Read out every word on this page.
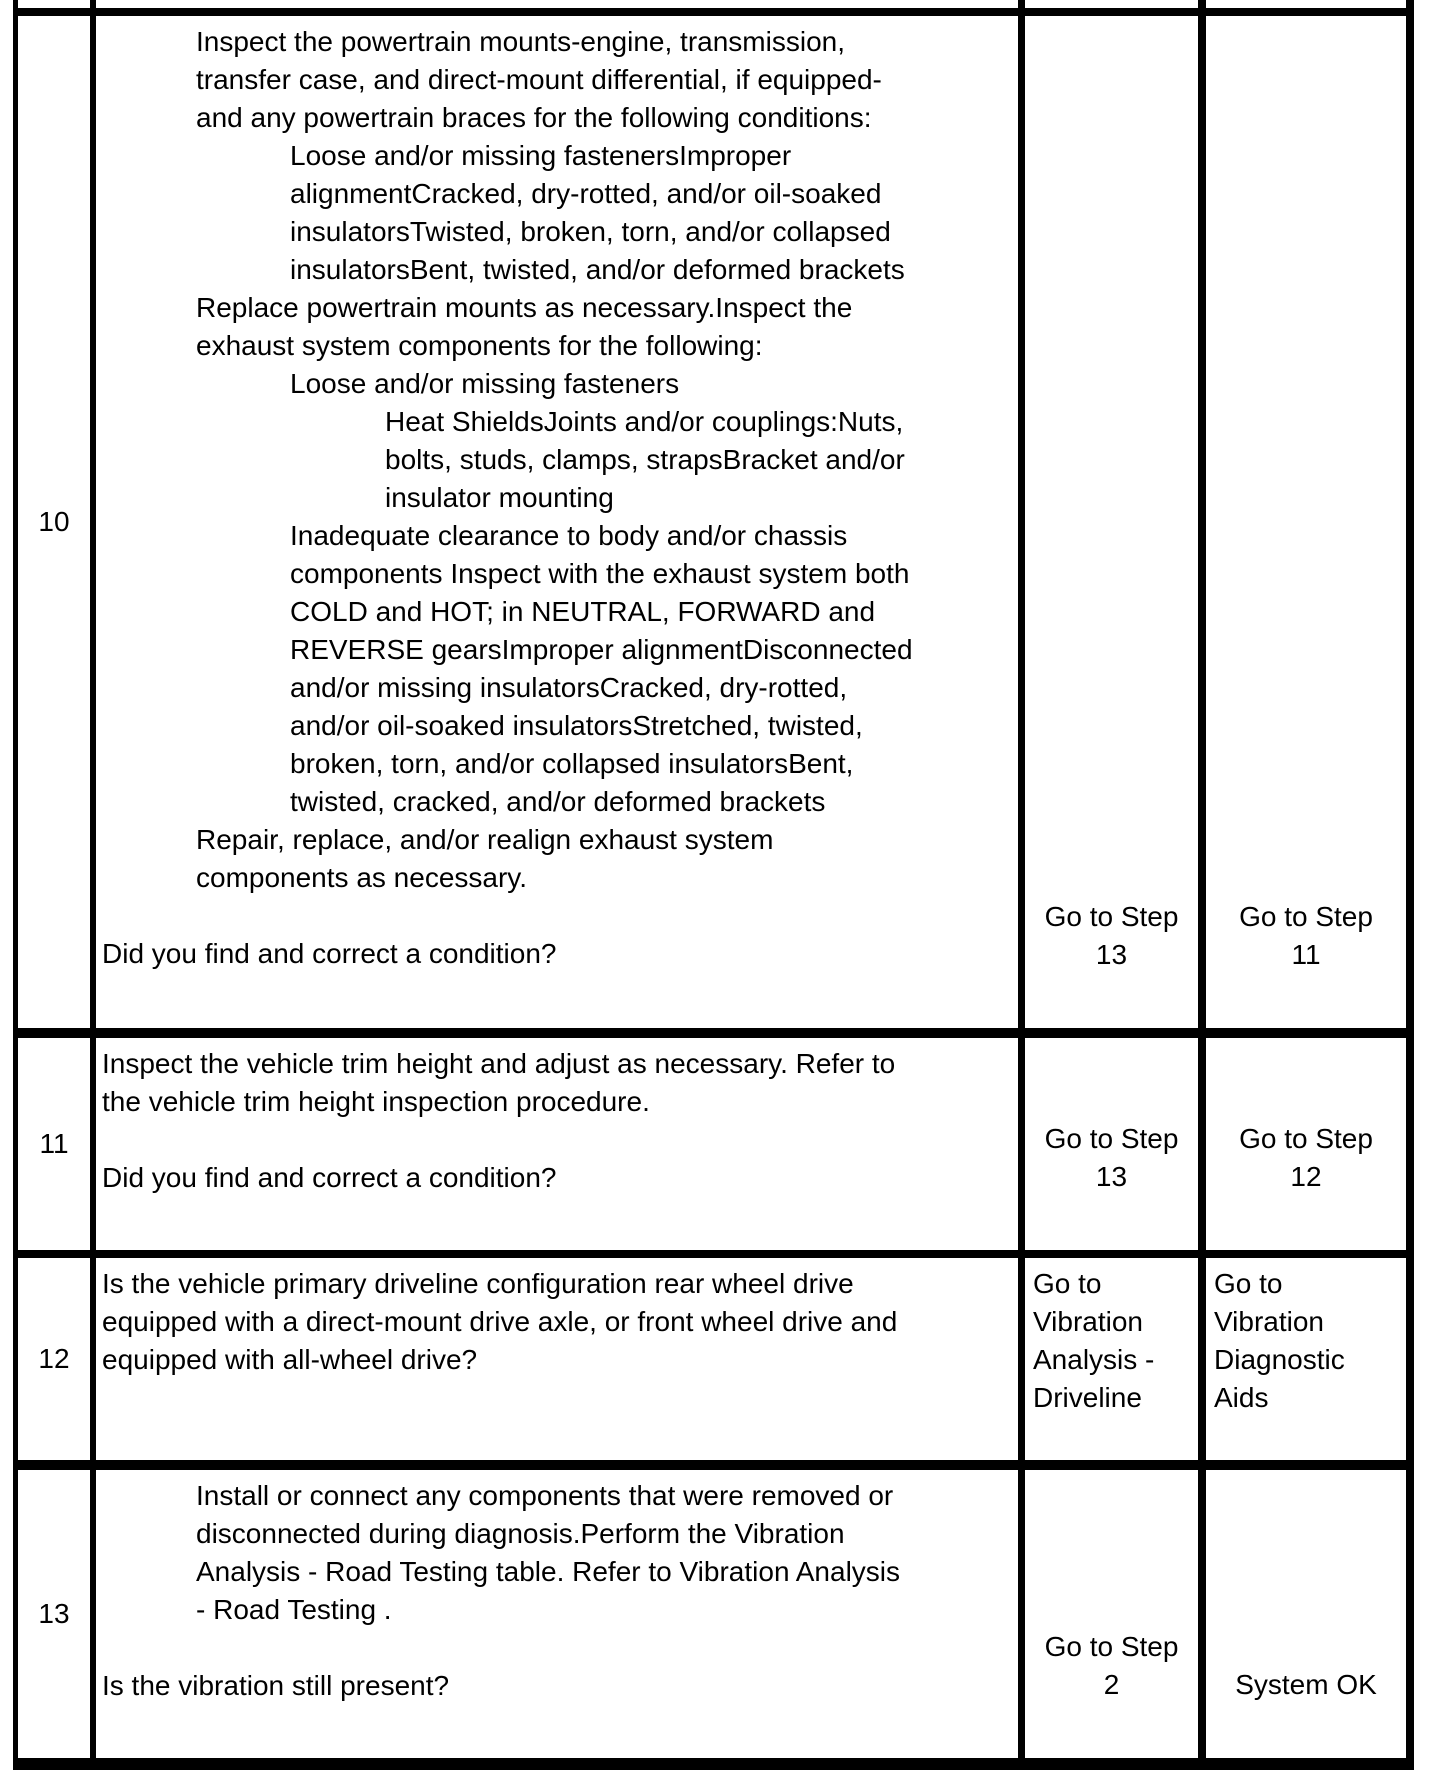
10
Inspect the powertrain mounts-engine, transmission,
transfer case, and direct-mount differential, if equipped-
and any powertrain braces for the following conditions:
Loose and/or missing fastenersImproper
alignmentCracked, dry-rotted, and/or oil-soaked
insulatorsTwisted, broken, torn, and/or collapsed
insulatorsBent, twisted, and/or deformed brackets
Replace powertrain mounts as necessary.Inspect the
exhaust system components for the following:
Loose and/or missing fasteners
Heat ShieldsJoints and/or couplings:Nuts,
bolts, studs, clamps, strapsBracket and/or
insulator mounting
Inadequate clearance to body and/or chassis
components Inspect with the exhaust system both
COLD and HOT; in NEUTRAL, FORWARD and
REVERSE gearsImproper alignmentDisconnected
and/or missing insulatorsCracked, dry-rotted,
and/or oil-soaked insulatorsStretched, twisted,
broken, torn, and/or collapsed insulatorsBent,
twisted, cracked, and/or deformed brackets
Repair, replace, and/or realign exhaust system
components as necessary.
Did you find and correct a condition?
Go to Step
13
Go to Step
11
11
Inspect the vehicle trim height and adjust as necessary. Refer to
the vehicle trim height inspection procedure.
Did you find and correct a condition?
Go to Step
13
Go to Step
12
12
Is the vehicle primary driveline configuration rear wheel drive
equipped with a direct-mount drive axle, or front wheel drive and
equipped with all-wheel drive?
Go to
Vibration
Analysis -
Driveline
Go to
Vibration
Diagnostic
Aids
13
Install or connect any components that were removed or
disconnected during diagnosis.Perform the Vibration
Analysis - Road Testing table. Refer to Vibration Analysis
- Road Testing .
Is the vibration still present?
Go to Step
2	System OK
